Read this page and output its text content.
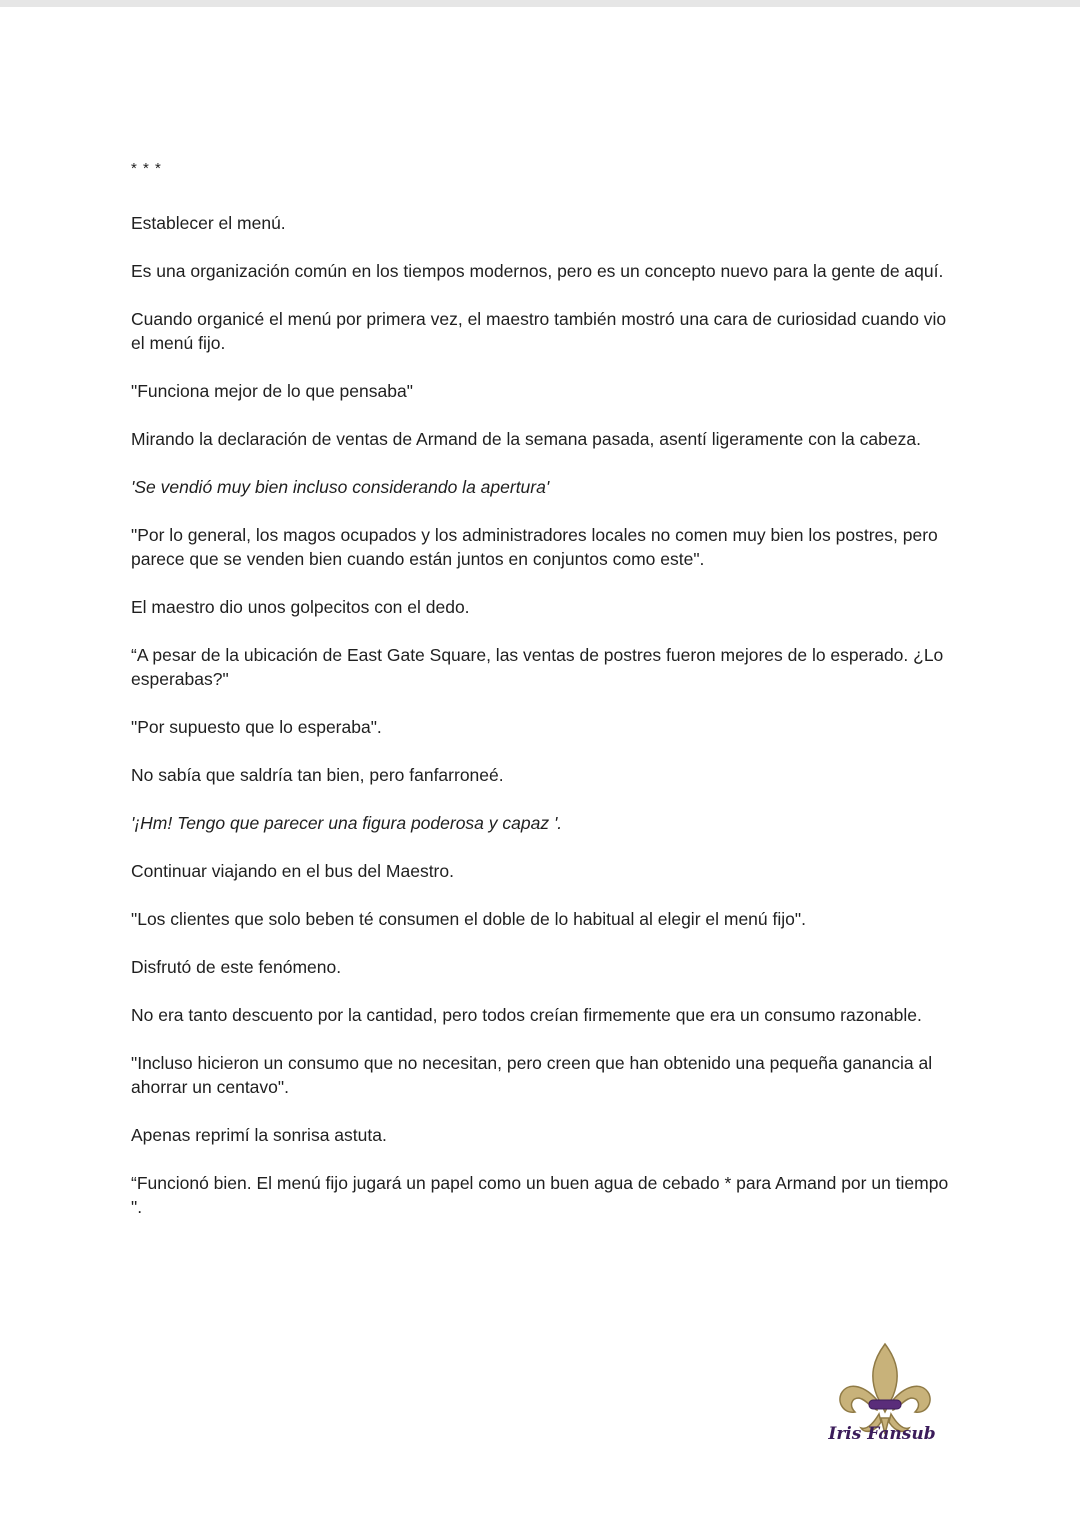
* * *
Establecer el menú.
Es una organización común en los tiempos modernos, pero es un concepto nuevo para la gente de aquí.
Cuando organicé el menú por primera vez, el maestro también mostró una cara de curiosidad cuando vio el menú fijo.
"Funciona mejor de lo que pensaba"
Mirando la declaración de ventas de Armand de la semana pasada, asentí ligeramente con la cabeza.
'Se vendió muy bien incluso considerando la apertura'
"Por lo general, los magos ocupados y los administradores locales no comen muy bien los postres, pero parece que se venden bien cuando están juntos en conjuntos como este".
El maestro dio unos golpecitos con el dedo.
“A pesar de la ubicación de East Gate Square, las ventas de postres fueron mejores de lo esperado. ¿Lo esperabas?"
"Por supuesto que lo esperaba".
No sabía que saldría tan bien, pero fanfarroneé.
'¡Hm! Tengo que parecer una figura poderosa y capaz '.
Continuar viajando en el bus del Maestro.
"Los clientes que solo beben té consumen el doble de lo habitual al elegir el menú fijo".
Disfrutó de este fenómeno.
No era tanto descuento por la cantidad, pero todos creían firmemente que era un consumo razonable.
"Incluso hicieron un consumo que no necesitan, pero creen que han obtenido una pequeña ganancia al ahorrar un centavo".
Apenas reprimí la sonrisa astuta.
“Funcionó bien. El menú fijo jugará un papel como un buen agua de cebado * para Armand por un tiempo ".
Iris Fansub
